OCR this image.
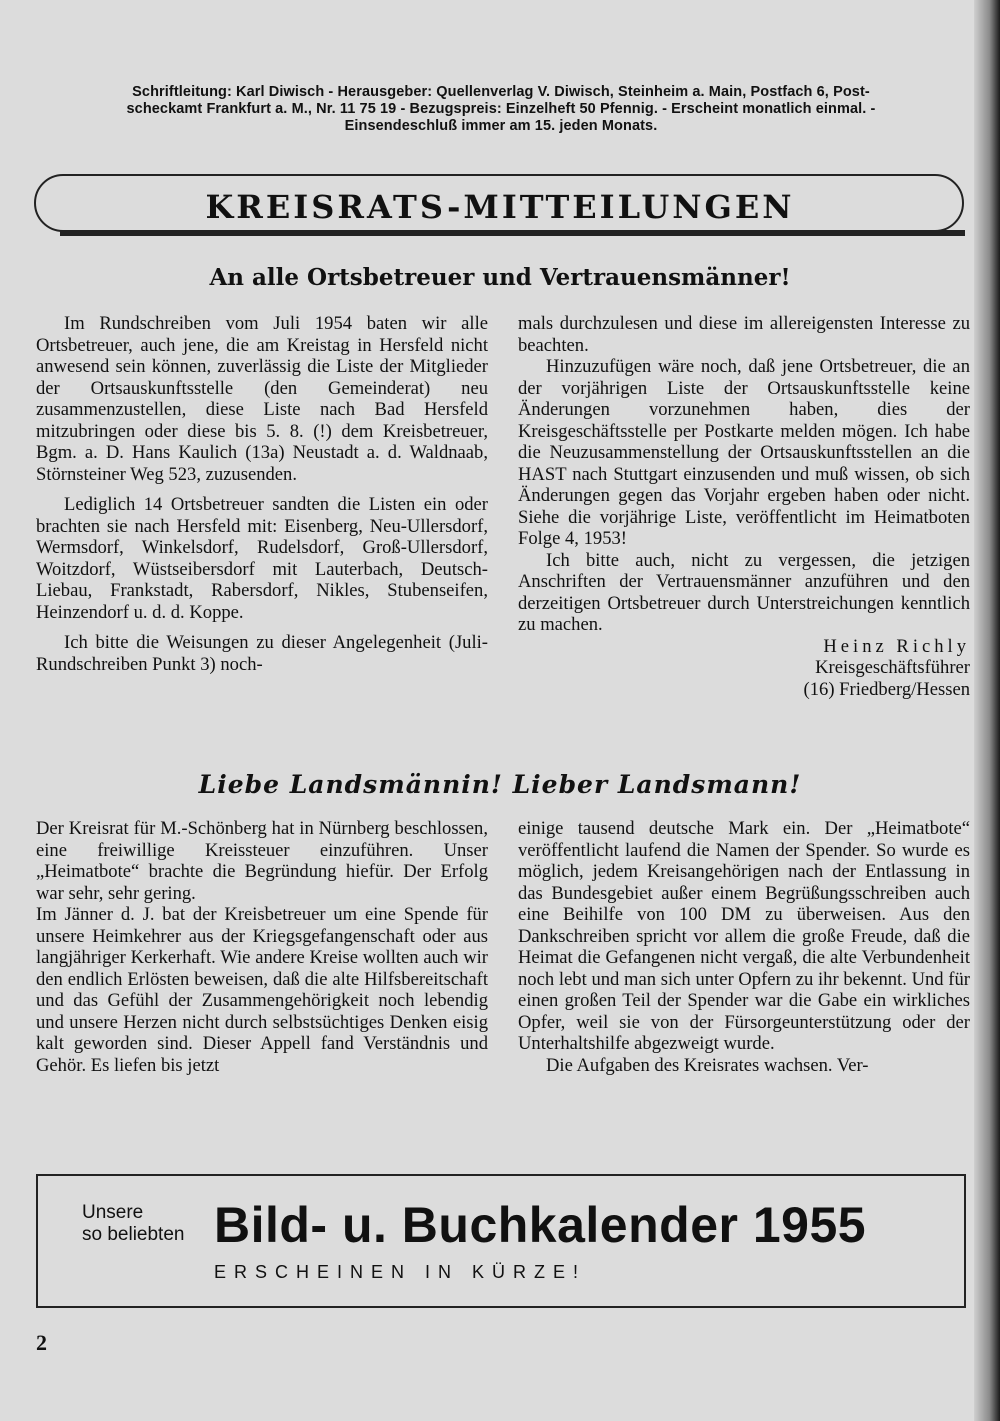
Schriftleitung: Karl Diwisch - Herausgeber: Quellenverlag V. Diwisch, Steinheim a. Main, Postfach 6, Post-
scheckamt Frankfurt a. M., Nr. 11 75 19 - Bezugspreis: Einzelheft 50 Pfennig. - Erscheint monatlich einmal. -
Einsendeschluß immer am 15. jeden Monats.
KREISRATS-MITTEILUNGEN
An alle Ortsbetreuer und Vertrauensmänner!

Im Rundschreiben vom Juli 1954 baten wir alle Ortsbetreuer, auch jene, die am Kreistag in Hersfeld nicht anwesend sein können, zuverlässig die Liste der Mitglieder der Ortsauskunftsstelle (den Gemeinderat) neu zusammenzustellen, diese Liste nach Bad Hersfeld mitzubringen oder diese bis 5. 8. (!) dem Kreisbetreuer, Bgm. a. D. Hans Kaulich (13a) Neustadt a. d. Waldnaab, Störnsteiner Weg 523, zuzusenden.

Lediglich 14 Ortsbetreuer sandten die Listen ein oder brachten sie nach Hersfeld mit: Eisenberg, Neu-Ullersdorf, Wermsdorf, Winkelsdorf, Rudelsdorf, Groß-Ullersdorf, Woitzdorf, Wüstseibersdorf mit Lauterbach, Deutsch-Liebau, Frankstadt, Rabersdorf, Nikles, Stubenseifen, Heinzendorf u. d. d. Koppe.

Ich bitte die Weisungen zu dieser Angelegenheit (Juli-Rundschreiben Punkt 3) noch-

mals durchzulesen und diese im allereigensten Interesse zu beachten.

Hinzuzufügen wäre noch, daß jene Ortsbetreuer, die an der vorjährigen Liste der Ortsauskunftsstelle keine Änderungen vorzunehmen haben, dies der Kreisgeschäftsstelle per Postkarte melden mögen. Ich habe die Neuzusammenstellung der Ortsauskunftsstellen an die HAST nach Stuttgart einzusenden und muß wissen, ob sich Änderungen gegen das Vorjahr ergeben haben oder nicht. Siehe die vorjährige Liste, veröffentlicht im Heimatboten Folge 4, 1953!

Ich bitte auch, nicht zu vergessen, die jetzigen Anschriften der Vertrauensmänner anzuführen und den derzeitigen Ortsbetreuer durch Unterstreichungen kenntlich zu machen.

Heinz Richly
Kreisgeschäftsführer
(16) Friedberg/Hessen
Liebe Landsmännin! Lieber Landsmann!

Der Kreisrat für M.-Schönberg hat in Nürnberg beschlossen, eine freiwillige Kreissteuer einzuführen. Unser „Heimatbote“ brachte die Begründung hiefür. Der Erfolg war sehr, sehr gering.

Im Jänner d. J. bat der Kreisbetreuer um eine Spende für unsere Heimkehrer aus der Kriegsgefangenschaft oder aus langjähriger Kerkerhaft. Wie andere Kreise wollten auch wir den endlich Erlösten beweisen, daß die alte Hilfsbereitschaft und das Gefühl der Zusammengehörigkeit noch lebendig und unsere Herzen nicht durch selbstsüchtiges Denken eisig kalt geworden sind. Dieser Appell fand Verständnis und Gehör. Es liefen bis jetzt

einige tausend deutsche Mark ein. Der „Heimatbote“ veröffentlicht laufend die Namen der Spender. So wurde es möglich, jedem Kreisangehörigen nach der Entlassung in das Bundesgebiet außer einem Begrüßungsschreiben auch eine Beihilfe von 100 DM zu überweisen. Aus den Dankschreiben spricht vor allem die große Freude, daß die Heimat die Gefangenen nicht vergaß, die alte Verbundenheit noch lebt und man sich unter Opfern zu ihr bekennt. Und für einen großen Teil der Spender war die Gabe ein wirkliches Opfer, weil sie von der Fürsorgeunterstützung oder der Unterhaltshilfe abgezweigt wurde.

Die Aufgaben des Kreisrates wachsen. Ver-

Unsere
so beliebten Bild- u. Buchkalender 1955
ERSCHEINEN IN KÜRZE!
2
